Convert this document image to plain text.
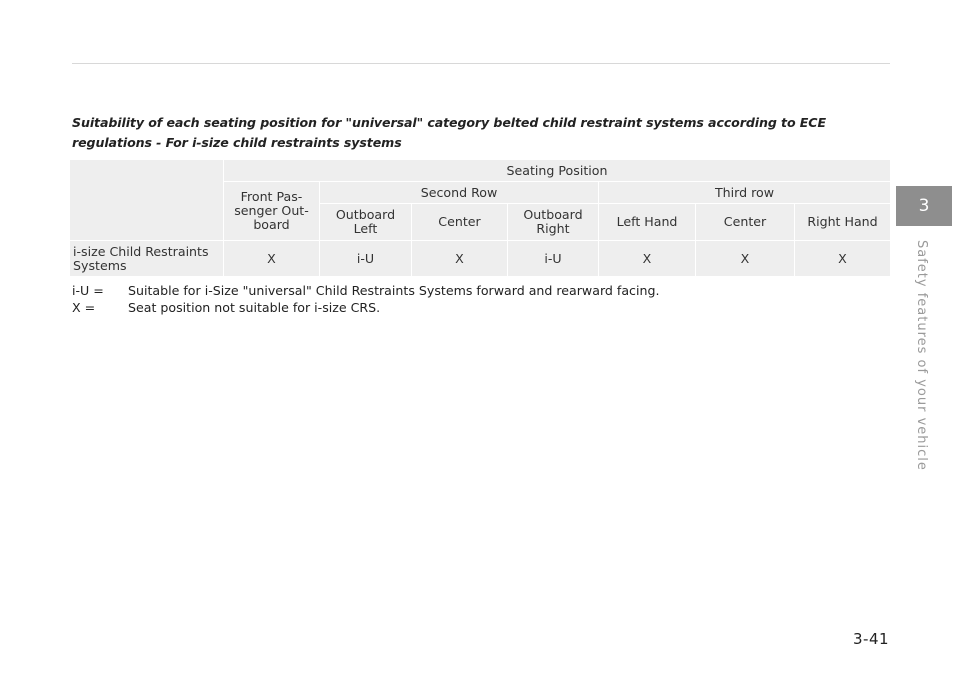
Suitability of each seating position for "universal" category belted child restraint systems according to ECE
regulations - For i-size child restraints systems
	Seating Position						
	Front Pas-senger Out-board	Second Row			Third row		
		Outboard Left	Center	Outboard Right	Left Hand	Center	Right Hand
i-size Child Restraints Systems	X	i-U	X	i-U	X	X	X
i-U =	Suitable for i-Size "universal" Child Restraints Systems forward and rearward facing.
X =	Seat position not suitable for i-size CRS.
3
Safety features of your vehicle
3-41
